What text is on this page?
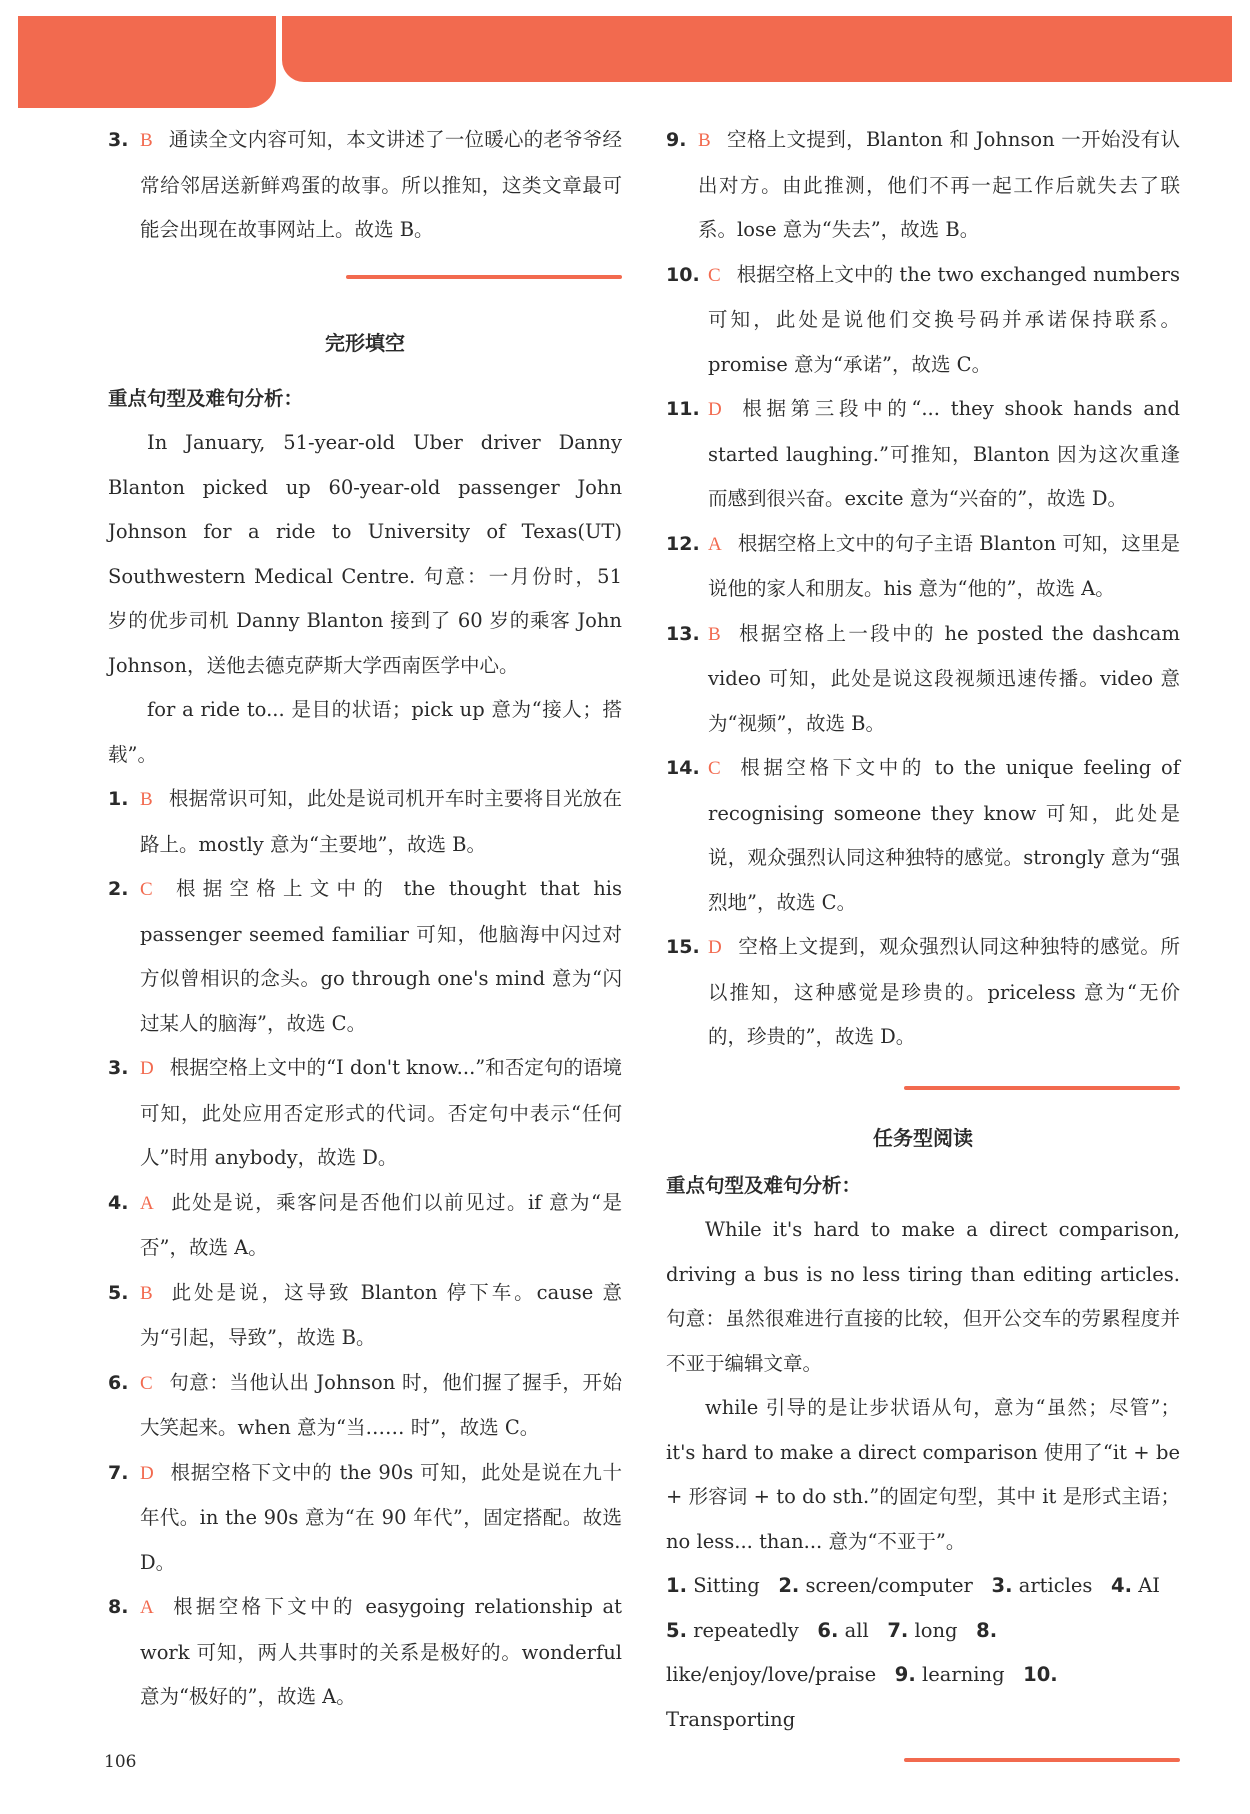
3. B 通读全文内容可知，本文讲述了一位暖心的老爷爷经常给邻居送新鲜鸡蛋的故事。所以推知，这类文章最可能会出现在故事网站上。故选 B。
完形填空
重点句型及难句分析：
In January, 51-year-old Uber driver Danny Blanton picked up 60-year-old passenger John Johnson for a ride to University of Texas(UT) Southwestern Medical Centre. 句意：一月份时，51 岁的优步司机 Danny Blanton 接到了 60 岁的乘客 John Johnson，送他去德克萨斯大学西南医学中心。
for a ride to... 是目的状语；pick up 意为“接人；搭载”。
1. B 根据常识可知，此处是说司机开车时主要将目光放在路上。mostly 意为“主要地”，故选 B。
2. C 根据空格上文中的 the thought that his passenger seemed familiar 可知，他脑海中闪过对方似曾相识的念头。go through one's mind 意为“闪过某人的脑海”，故选 C。
3. D 根据空格上文中的“I don't know...”和否定句的语境可知，此处应用否定形式的代词。否定句中表示“任何人”时用 anybody，故选 D。
4. A 此处是说，乘客问是否他们以前见过。if 意为“是否”，故选 A。
5. B 此处是说，这导致 Blanton 停下车。cause 意为“引起，导致”，故选 B。
6. C 句意：当他认出 Johnson 时，他们握了握手，开始大笑起来。when 意为“当…… 时”，故选 C。
7. D 根据空格下文中的 the 90s 可知，此处是说在九十年代。in the 90s 意为“在 90 年代”，固定搭配。故选 D。
8. A 根据空格下文中的 easygoing relationship at work 可知，两人共事时的关系是极好的。wonderful 意为“极好的”，故选 A。
9. B 空格上文提到，Blanton 和 Johnson 一开始没有认出对方。由此推测，他们不再一起工作后就失去了联系。lose 意为“失去”，故选 B。
10. C 根据空格上文中的 the two exchanged numbers 可知，此处是说他们交换号码并承诺保持联系。promise 意为“承诺”，故选 C。
11. D 根据第三段中的“... they shook hands and started laughing.”可推知，Blanton 因为这次重逢而感到很兴奋。excite 意为“兴奋的”，故选 D。
12. A 根据空格上文中的句子主语 Blanton 可知，这里是说他的家人和朋友。his 意为“他的”，故选 A。
13. B 根据空格上一段中的 he posted the dashcam video 可知，此处是说这段视频迅速传播。video 意为“视频”，故选 B。
14. C 根据空格下文中的 to the unique feeling of recognising someone they know 可知，此处是说，观众强烈认同这种独特的感觉。strongly 意为“强烈地”，故选 C。
15. D 空格上文提到，观众强烈认同这种独特的感觉。所以推知，这种感觉是珍贵的。priceless 意为“无价的，珍贵的”，故选 D。
任务型阅读
重点句型及难句分析：
While it's hard to make a direct comparison, driving a bus is no less tiring than editing articles. 句意：虽然很难进行直接的比较，但开公交车的劳累程度并不亚于编辑文章。
while 引导的是让步状语从句，意为“虽然；尽管”；it's hard to make a direct comparison 使用了“it + be + 形容词 + to do sth.”的固定句型，其中 it 是形式主语；no less... than... 意为“不亚于”。
1. Sitting 2. screen/computer 3. articles 4. AI 5. repeatedly 6. all 7. long 8. like/enjoy/love/praise 9. learning 10. Transporting
106
